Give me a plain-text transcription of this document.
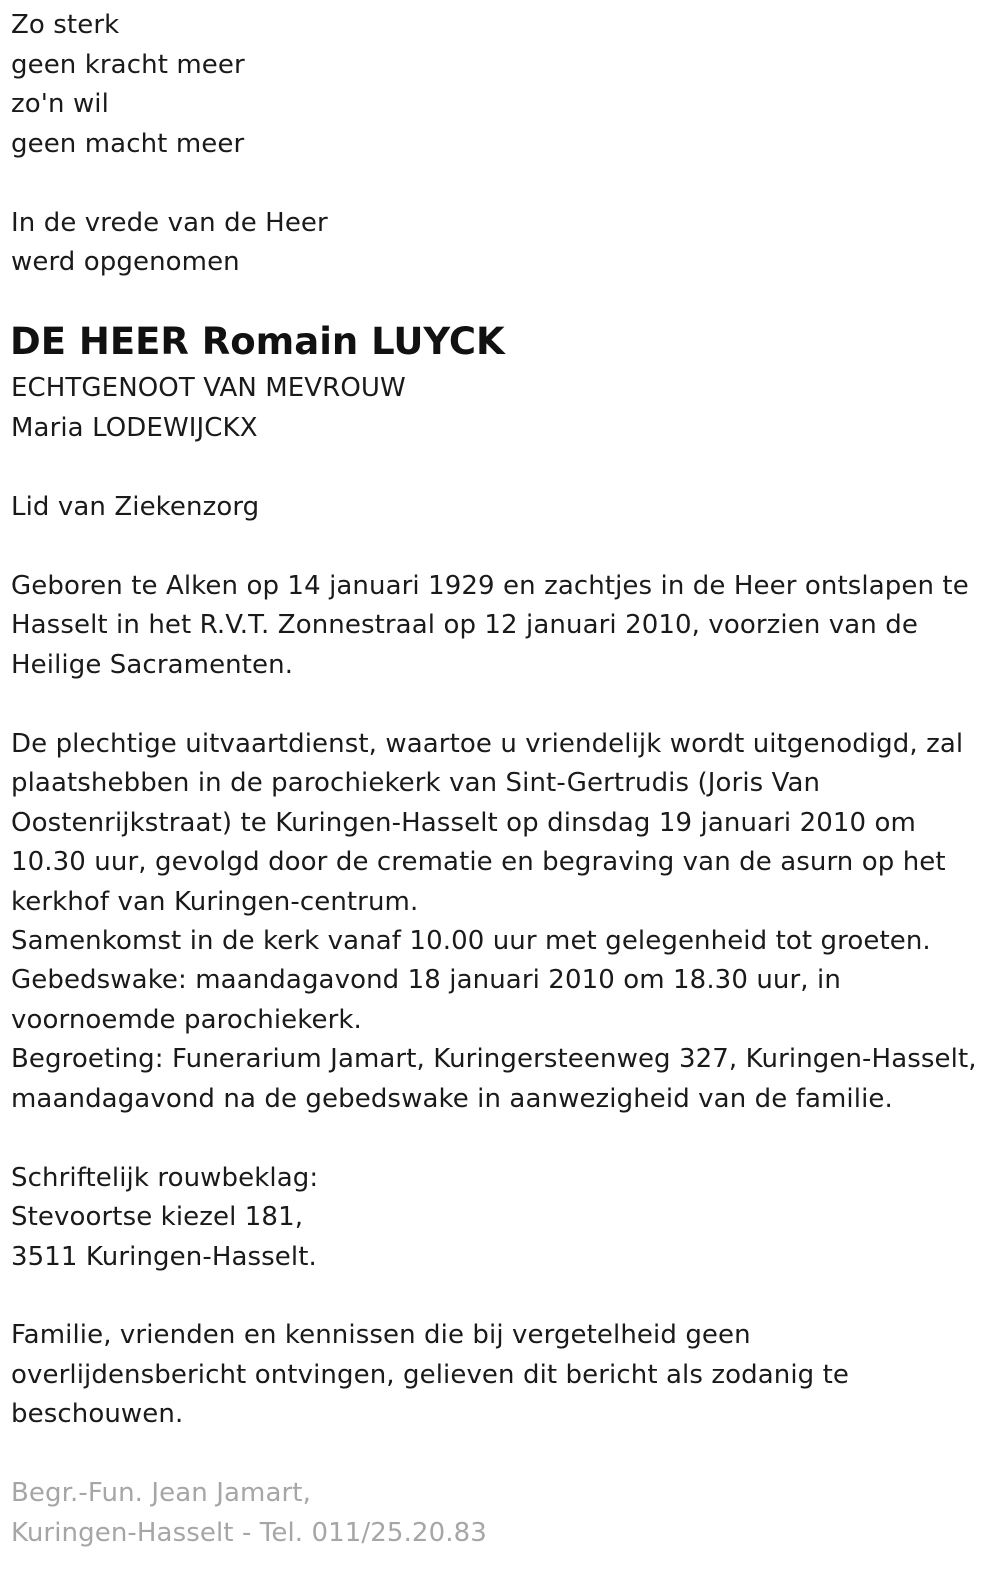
Zo sterk
geen kracht meer
zo'n wil
geen macht meer
In de vrede van de Heer
werd opgenomen
DE HEER Romain LUYCK
ECHTGENOOT VAN MEVROUW
Maria LODEWIJCKX
Lid van Ziekenzorg
Geboren te Alken op 14 januari 1929 en zachtjes in de Heer ontslapen te
Hasselt in het R.V.T. Zonnestraal op 12 januari 2010, voorzien van de
Heilige Sacramenten.
De plechtige uitvaartdienst, waartoe u vriendelijk wordt uitgenodigd, zal
plaatshebben in de parochiekerk van Sint-Gertrudis (Joris Van
Oostenrijkstraat) te Kuringen-Hasselt op dinsdag 19 januari 2010 om
10.30 uur, gevolgd door de crematie en begraving van de asurn op het
kerkhof van Kuringen-centrum.
Samenkomst in de kerk vanaf 10.00 uur met gelegenheid tot groeten.
Gebedswake: maandagavond 18 januari 2010 om 18.30 uur, in
voornoemde parochiekerk.
Begroeting: Funerarium Jamart, Kuringersteenweg 327, Kuringen-Hasselt,
maandagavond na de gebedswake in aanwezigheid van de familie.
Schriftelijk rouwbeklag:
Stevoortse kiezel 181,
3511 Kuringen-Hasselt.
Familie, vrienden en kennissen die bij vergetelheid geen
overlijdensbericht ontvingen, gelieven dit bericht als zodanig te
beschouwen.
Begr.-Fun. Jean Jamart,
Kuringen-Hasselt - Tel. 011/25.20.83
